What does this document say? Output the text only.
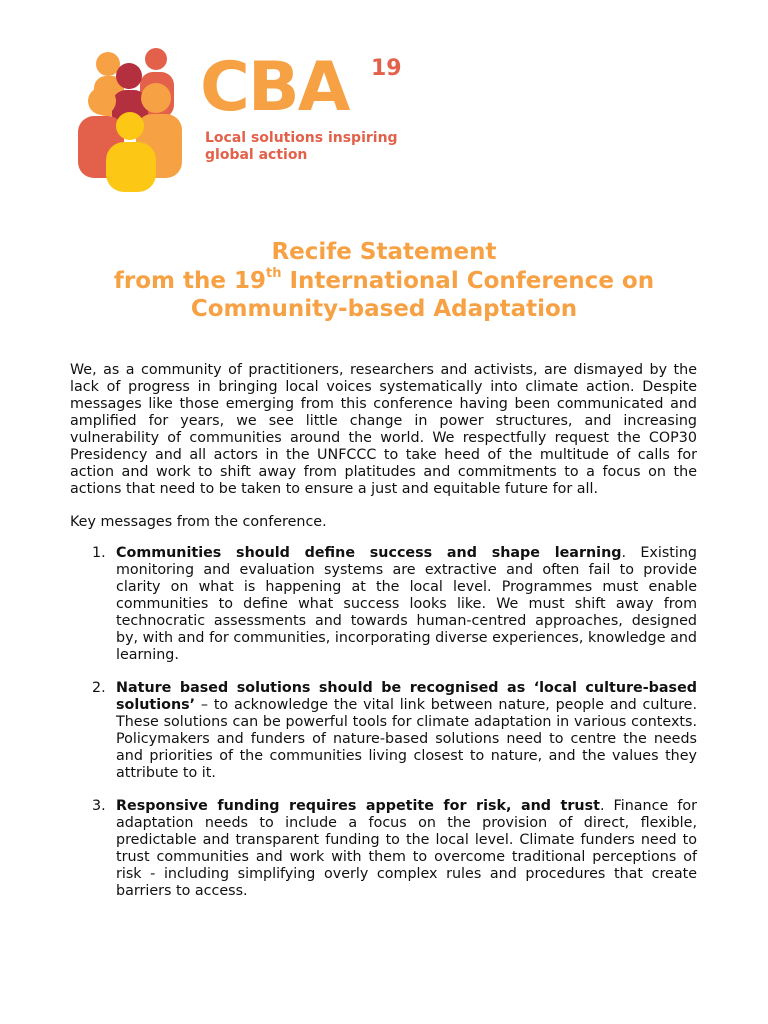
CBA 19
Local solutions inspiring
global action
Recife Statement
from the 19th International Conference on
Community-based Adaptation

We, as a community of practitioners, researchers and activists, are dismayed by the lack of progress in bringing local voices systematically into climate action. Despite messages like those emerging from this conference having been communicated and amplified for years, we see little change in power structures, and increasing vulnerability of communities around the world. We respectfully request the COP30 Presidency and all actors in the UNFCCC to take heed of the multitude of calls for action and work to shift away from platitudes and commitments to a focus on the actions that need to be taken to ensure a just and equitable future for all.

Key messages from the conference.

1. Communities should define success and shape learning. Existing monitoring and evaluation systems are extractive and often fail to provide clarity on what is happening at the local level. Programmes must enable communities to define what success looks like. We must shift away from technocratic assessments and towards human-centred approaches, designed by, with and for communities, incorporating diverse experiences, knowledge and learning.
2. Nature based solutions should be recognised as ‘local culture-based solutions’ – to acknowledge the vital link between nature, people and culture. These solutions can be powerful tools for climate adaptation in various contexts. Policymakers and funders of nature-based solutions need to centre the needs and priorities of the communities living closest to nature, and the values they attribute to it.
3. Responsive funding requires appetite for risk, and trust. Finance for adaptation needs to include a focus on the provision of direct, flexible, predictable and transparent funding to the local level. Climate funders need to trust communities and work with them to overcome traditional perceptions of risk - including simplifying overly complex rules and procedures that create barriers to access.
